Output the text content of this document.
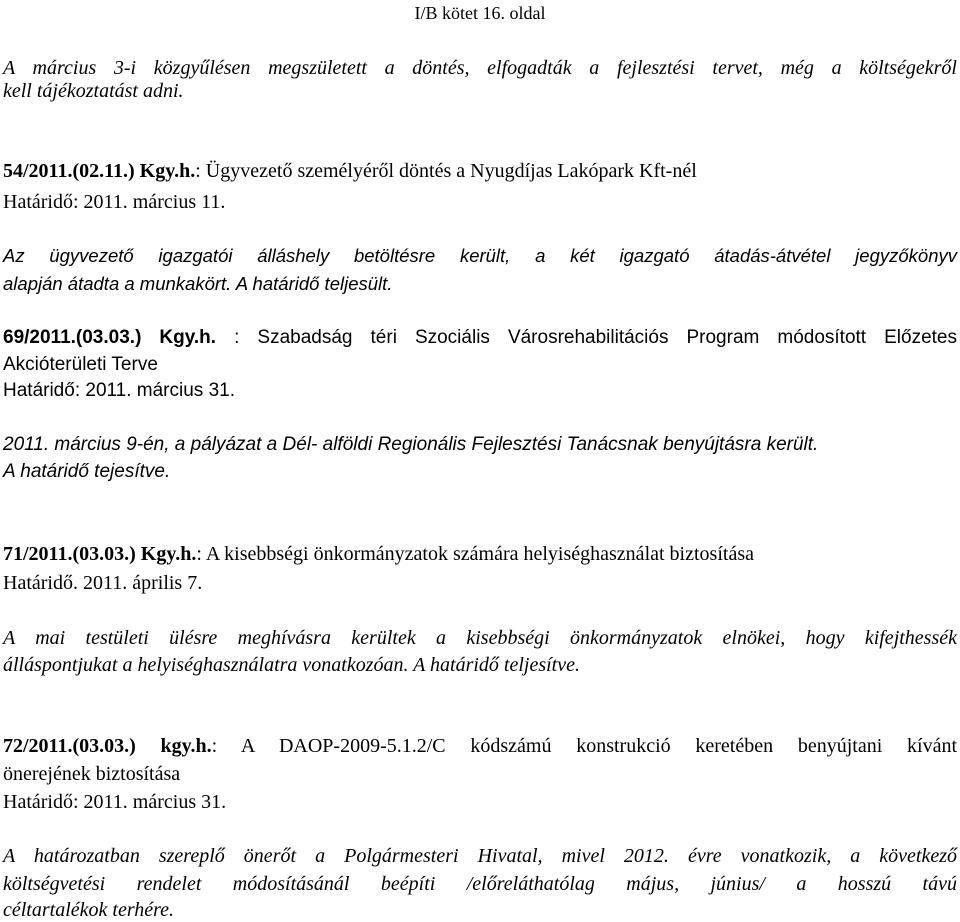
I/B kötet 16. oldal
A március 3-i közgyűlésen megszületett a döntés, elfogadták a fejlesztési tervet, még a költségekről
kell tájékoztatást adni.
54/2011.(02.11.) Kgy.h.: Ügyvezető személyéről döntés a Nyugdíjas Lakópark Kft-nél
Határidő: 2011. március 11.
Az ügyvezető igazgatói álláshely betöltésre került, a két igazgató átadás-átvétel jegyzőkönyv
alapján átadta a munkakört. A határidő teljesült.
69/2011.(03.03.) Kgy.h. : Szabadság téri Szociális Városrehabilitációs Program módosított Előzetes
Akcióterületi Terve
Határidő: 2011. március 31.
2011. március 9-én, a pályázat a Dél- alföldi Regionális Fejlesztési Tanácsnak benyújtásra került.
A határidő tejesítve.
71/2011.(03.03.) Kgy.h.: A kisebbségi önkormányzatok számára helyiséghasználat biztosítása
Határidő. 2011. április 7.
A mai testületi ülésre meghívásra kerültek a kisebbségi önkormányzatok elnökei, hogy kifejthessék
álláspontjukat a helyiséghasználatra vonatkozóan. A határidő teljesítve.
72/2011.(03.03.) kgy.h.: A DAOP-2009-5.1.2/C kódszámú konstrukció keretében benyújtani kívánt
önerejének biztosítása
Határidő: 2011. március 31.
A határozatban szereplő önerőt a Polgármesteri Hivatal, mivel 2012. évre vonatkozik, a következő
költségvetési rendelet módosításánál beépíti /előreláthatólag május, június/ a hosszú távú
céltartalékok terhére.
